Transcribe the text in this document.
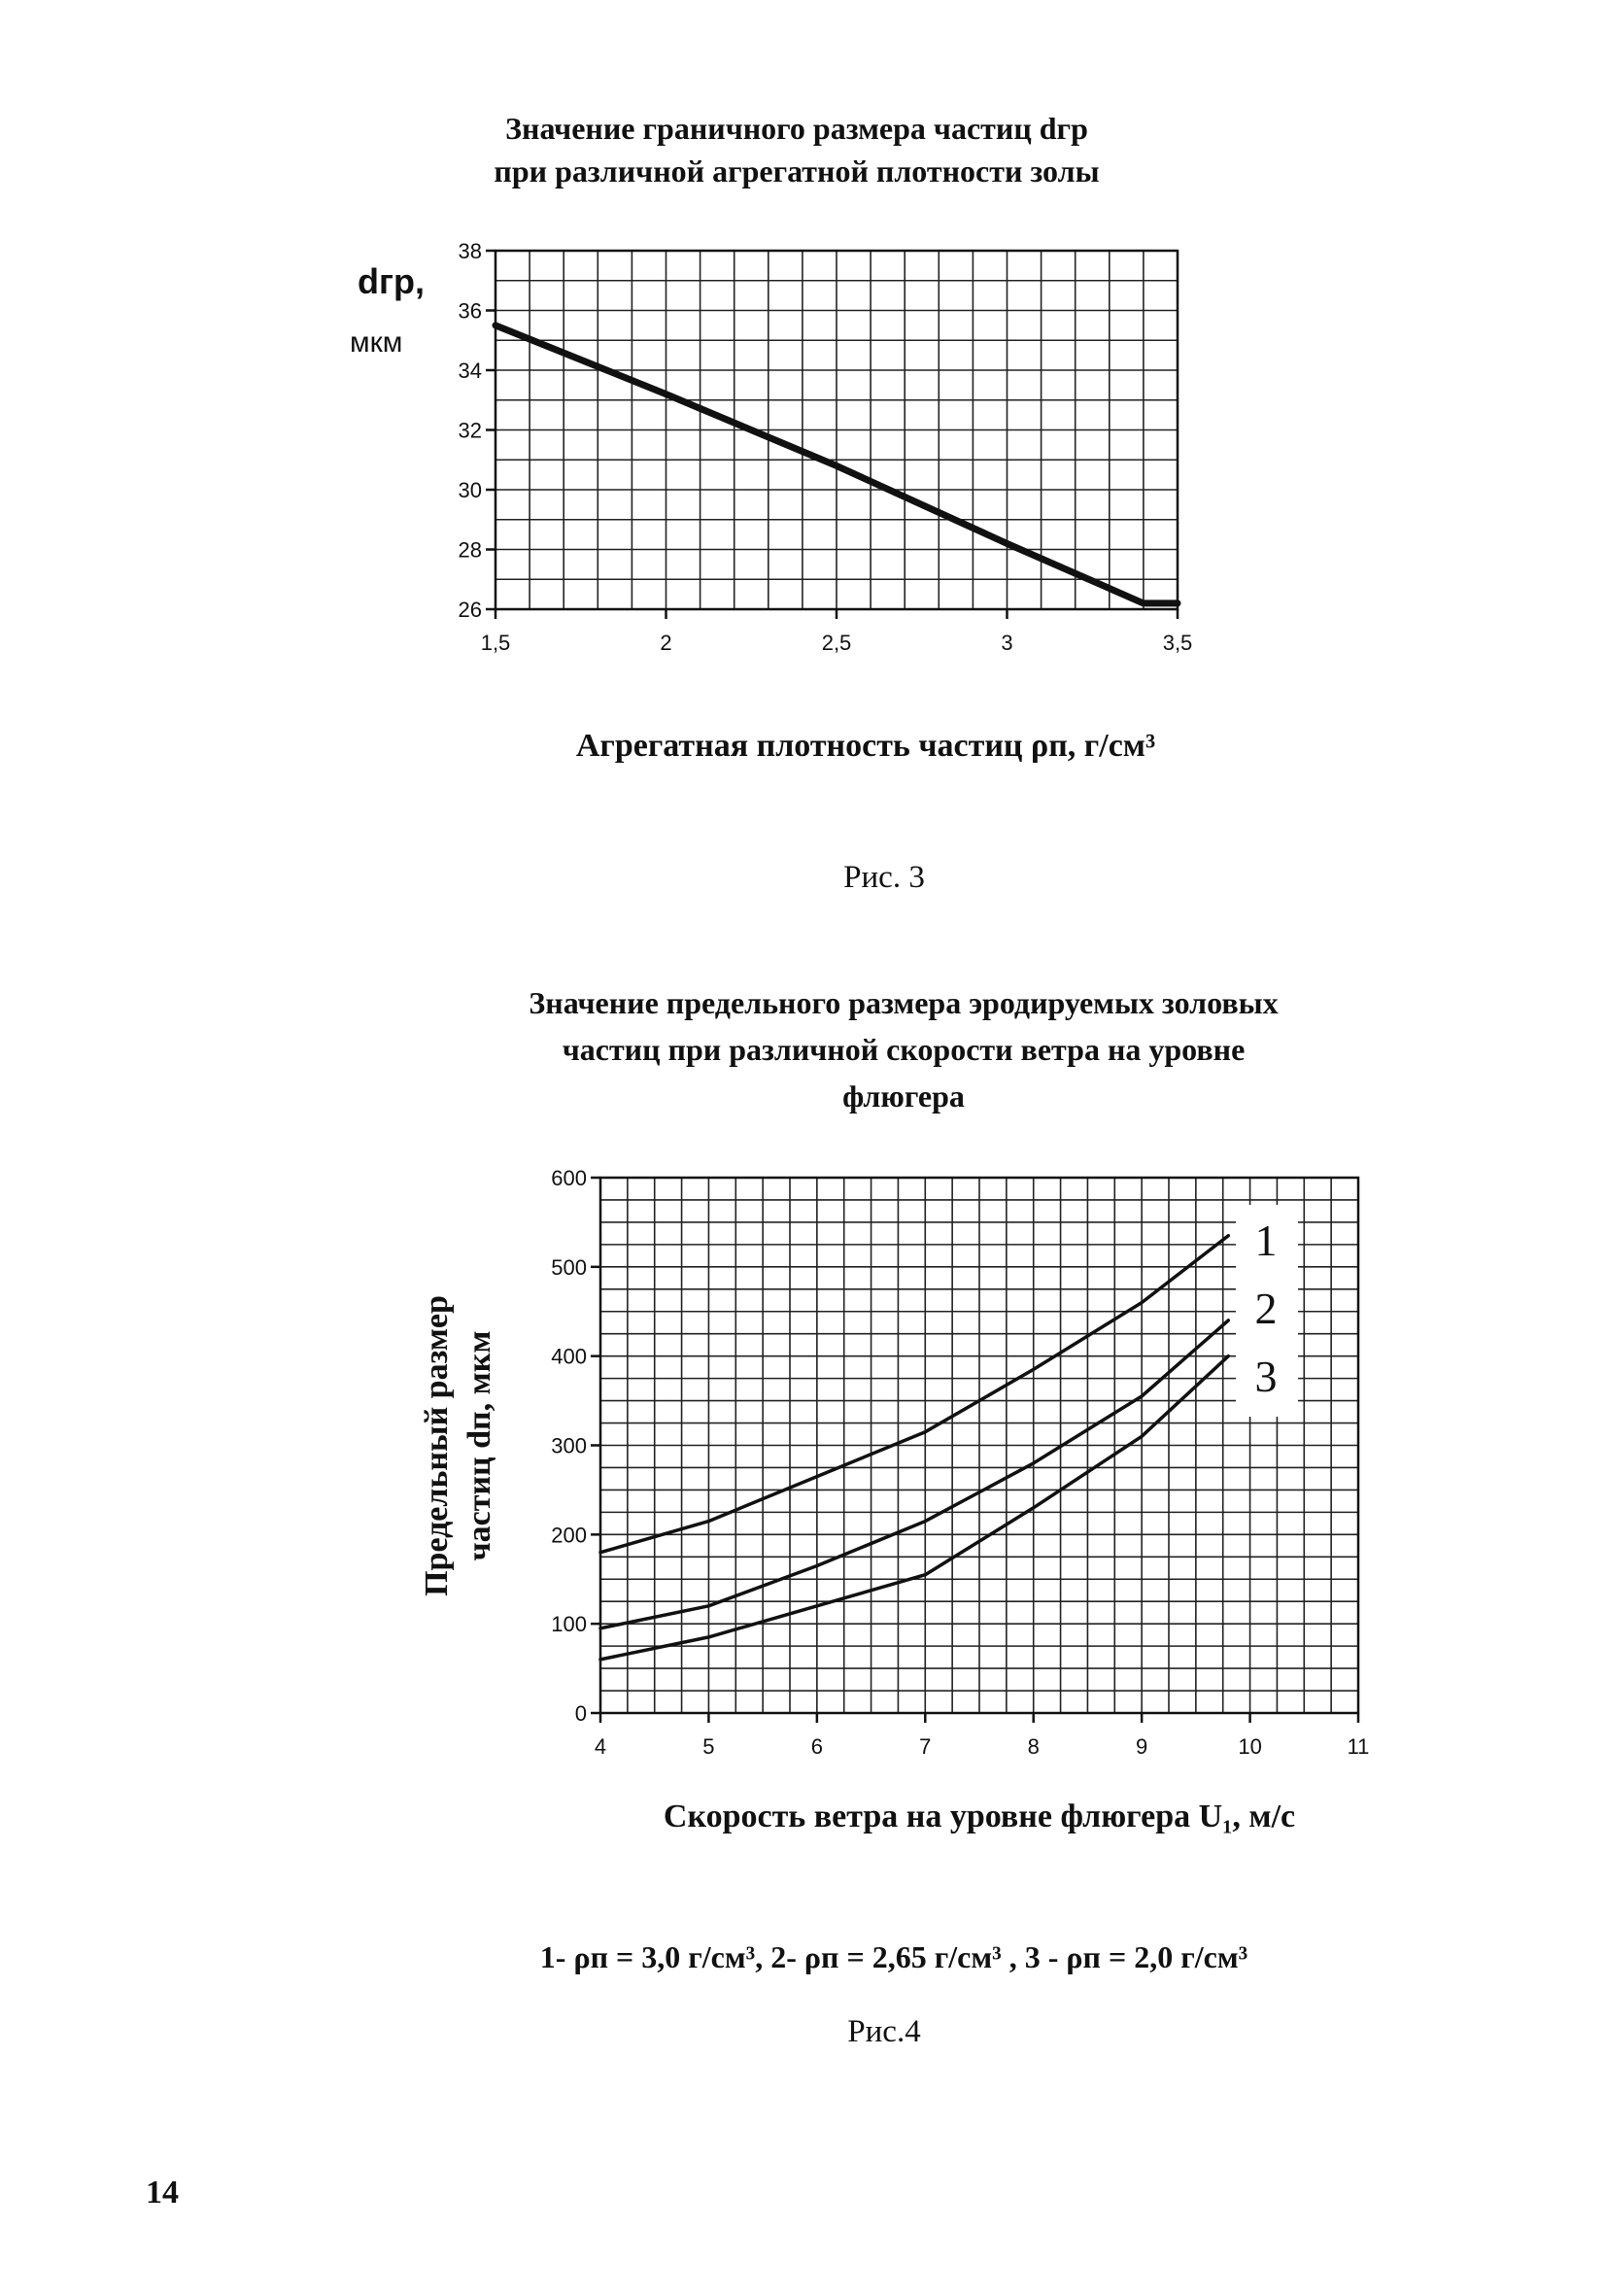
Значение граничного размера частиц dгр
при различной агрегатной плотности золы
1,5	2	2,5	3	3,5
26
28
30
32
34
36
38
Агрегатная плотность частиц ρп, г/см³
dгр,
мкм
Рис. 3
Значение предельного размера эродируемых золовых
частиц при различной скорости ветра на уровне
флюгера
4	5	6	7	8	9	10	11
0
100
200
300
400
500
600
Скорость ветра на уровне флюгера U₁, м/с
Предельный размер частиц dп, мкм
1
2
3
1- ρп = 3,0 г/см³, 2- ρп = 2,65 г/см³ , 3 - ρп = 2,0 г/см³
Рис.4
14
